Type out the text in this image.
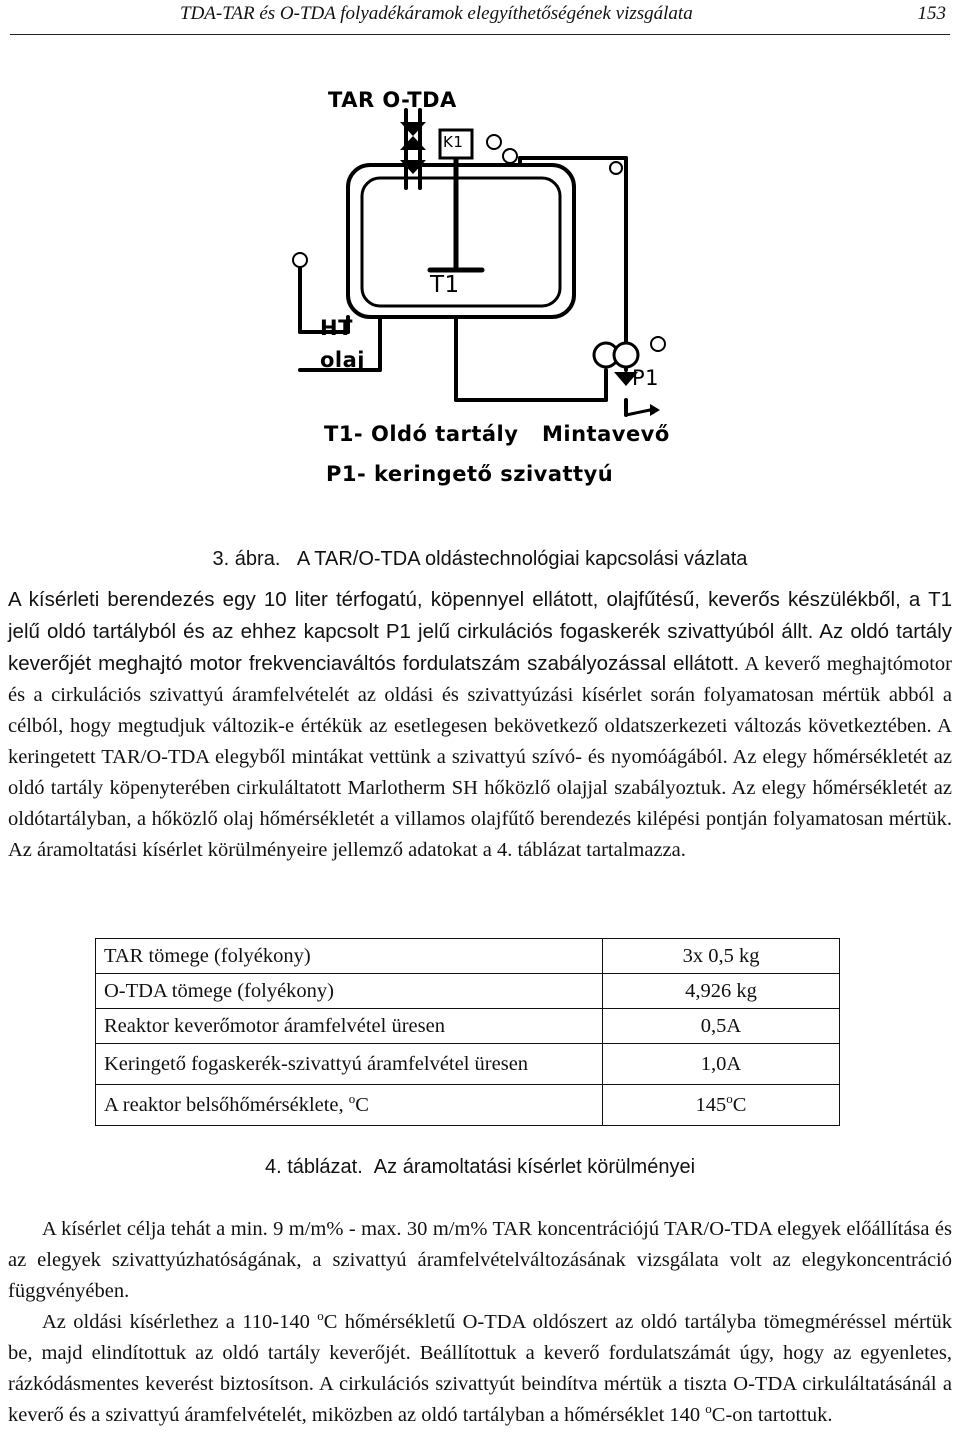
TDA-TAR és O-TDA folyadékáramok elegyíthetőségének vizsgálata	153
TAR O-TDA
K1
T1
HT
olaj
P1
T1- Oldó tartály Mintavevő
P1- keringető szivattyú
3. ábra. A TAR/O-TDA oldástechnológiai kapcsolási vázlata
A kísérleti berendezés egy 10 liter térfogatú, köpennyel ellátott, olajfűtésű, keverős készülékből, a T1 jelű oldó tartályból és az ehhez kapcsolt P1 jelű cirkulációs fogaskerék szivattyúból állt. Az oldó tartály keverőjét meghajtó motor frekvenciaváltós fordulatszám szabályozással ellátott. A keverő meghajtómotor és a cirkulációs szivattyú áramfelvételét az oldási és szivattyúzási kísérlet során folyamatosan mértük abból a célból, hogy megtudjuk változik-e értékük az esetlegesen bekövetkező oldatszerkezeti változás következtében. A keringetett TAR/O-TDA elegyből mintákat vettünk a szivattyú szívó- és nyomóágából. Az elegy hőmérsékletét az oldó tartály köpenyterében cirkuláltatott Marlotherm SH hőközlő olajjal szabályoztuk. Az elegy hőmérsékletét az oldótartályban, a hőközlő olaj hőmérsékletét a villamos olajfűtő berendezés kilépési pontján folyamatosan mértük. Az áramoltatási kísérlet körülményeire jellemző adatokat a 4. táblázat tartalmazza.
TAR tömege (folyékony)	3x 0,5 kg
O-TDA tömege (folyékony)	4,926 kg
Reaktor keverőmotor áramfelvétel üresen	0,5A
Keringető fogaskerék-szivattyú áramfelvétel üresen	1,0A
A reaktor belsőhőmérséklete, $^o$C	145$^o$C
4. táblázat. Az áramoltatási kísérlet körülményei
A kísérlet célja tehát a min. 9 m/m% - max. 30 m/m% TAR koncentrációjú TAR/O-TDA elegyek előállítása és az elegyek szivattyúzhatóságának, a szivattyú áramfelvételváltozásának vizsgálata volt az elegykoncentráció függvényében.
Az oldási kísérlethez a 110-140 $^o$C hőmérsékletű O-TDA oldószert az oldó tartályba tömegméréssel mértük be, majd elindítottuk az oldó tartály keverőjét. Beállítottuk a keverő fordulatszámát úgy, hogy az egyenletes, rázkódásmentes keverést biztosítson. A cirkulációs szivattyút beindítva mértük a tiszta O-TDA cirkuláltatásánál a keverő és a szivattyú áramfelvételét, miközben az oldó tartályban a hőmérséklet 140 $^o$C-on tartottuk.
